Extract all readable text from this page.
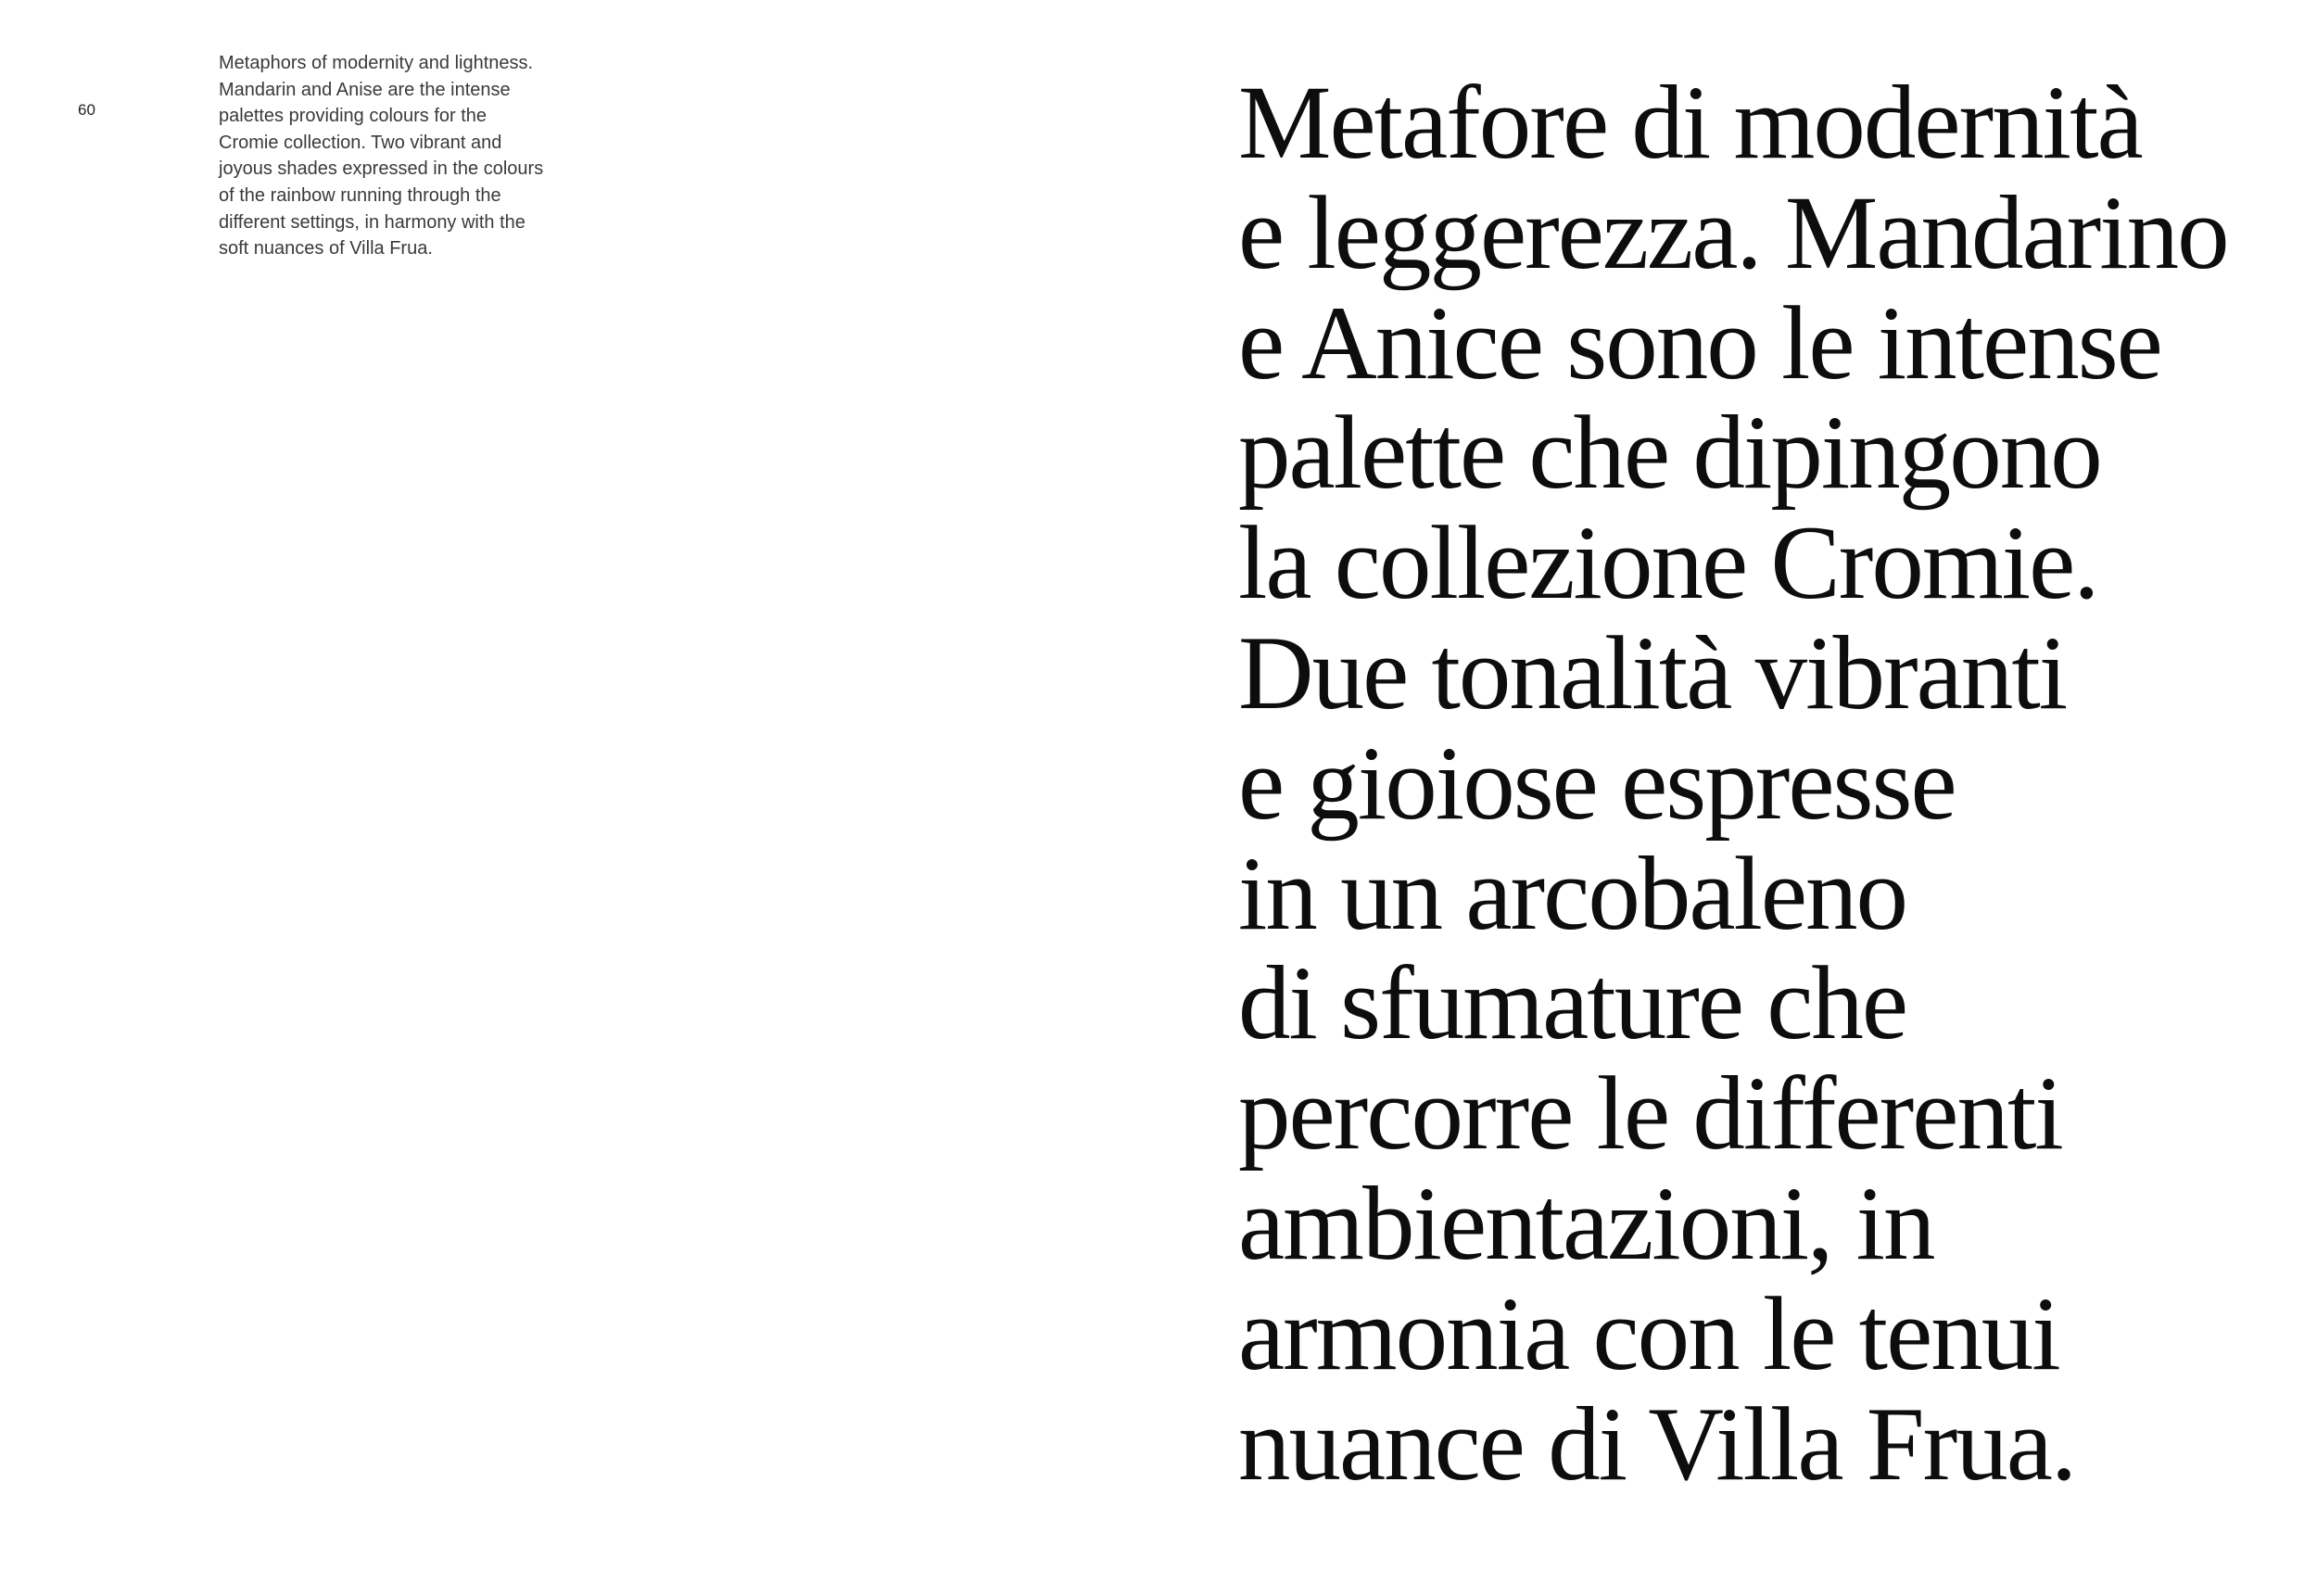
60

Metaphors of modernity and lightness.
Mandarin and Anise are the intense
palettes providing colours for the
Cromie collection. Two vibrant and
joyous shades expressed in the colours
of the rainbow running through the
different settings, in harmony with the
soft nuances of Villa Frua.

Metafore di modernità
e leggerezza. Mandarino
e Anice sono le intense
palette che dipingono
la collezione Cromie.
Due tonalità vibranti
e gioiose espresse
in un arcobaleno
di sfumature che
percorre le differenti
ambientazioni, in
armonia con le tenui
nuance di Villa Frua.
